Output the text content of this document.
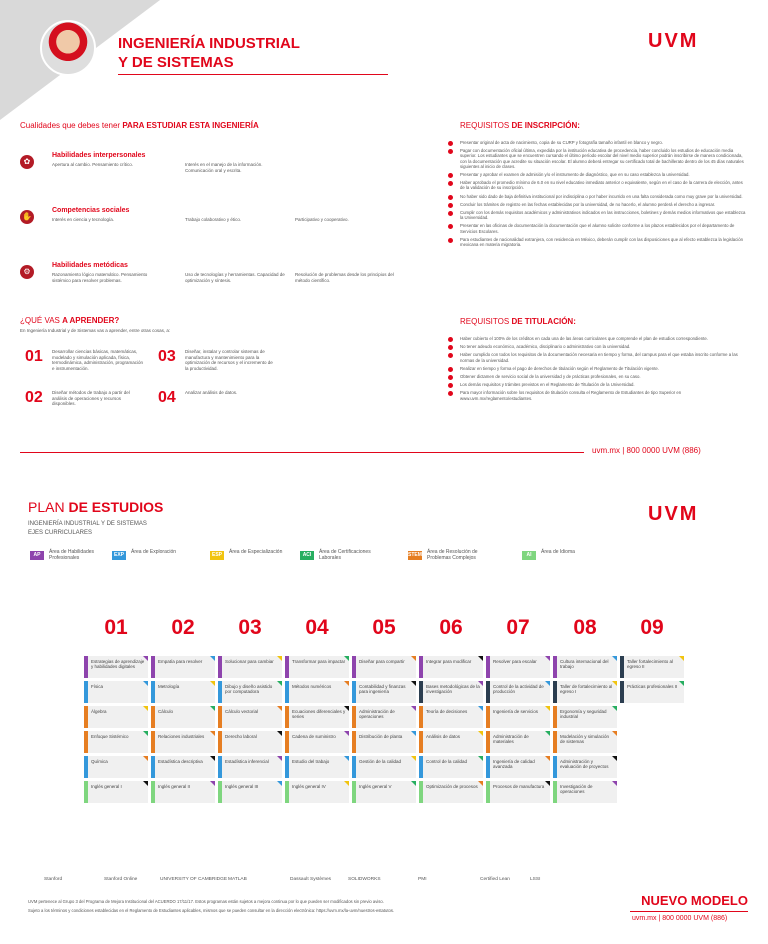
INGENIERÍA INDUSTRIAL
Y DE SISTEMAS
UVM
Cualidades que debes tener PARA ESTUDIAR ESTA INGENIERÍA
✿
Habilidades interpersonales
Apertura al cambio. Pensamiento crítico.	Interés en el manejo de la información. Comunicación oral y escrita.
✋
Competencias sociales
Interés en ciencia y tecnología.	Trabajo colaborativo y ético.	Participativo y cooperativo.
⚙
Habilidades metódicas
Razonamiento lógico matemático. Pensamiento sistémico para resolver problemas.
Uso de tecnologías y herramientas. Capacidad de optimización y síntesis.
Resolución de problemas desde los principios del método científico.
¿QUÉ VAS A APRENDER?
En Ingeniería Industrial y de Sistemas vas a aprender, entre otras cosas, a:
01 Desarrollar ciencias básicas, matemáticas, modelado y simulación aplicada, física, termodinámica, administración, programación e instrumentación.
03 Diseñar, instalar y controlar sistemas de manufactura y mantenimiento para la optimización de recursos y el incremento de la productividad.
02 Diseñar métodos de trabajo a partir del análisis de operaciones y recursos disponibles.	04 Analizar análisis de datos.
REQUISITOS DE INSCRIPCIÓN:
Presentar original de acta de nacimiento, copia de su CURP y fotografía tamaño infantil en blanco y negro.
Pagar con documentación oficial última, expedida por la institución educativa de procedencia, haber concluido los estudios de educación media superior. Los estudiantes que se encuentren cursando el último período escolar del nivel medio superior podrán inscribirse de manera condicionada, con la documentación que acredite su situación escolar. El alumno deberá entregar su certificado total de bachillerato dentro de los 45 días naturales siguientes al inicio de clases.
Presentar y aprobar el examen de admisión y/o el instrumento de diagnóstico, que en su caso establezca la universidad.
Haber aprobado el promedio mínimo de 6.0 en su nivel educativo inmediato anterior o equivalente, según en el caso de la carrera de elección, antes de la validación de su inscripción.
No haber sido dado de baja definitiva institucional por indisciplina o por haber incurrido en una falta considerada como muy grave por la universidad.
Concluir los trámites de registro en las fechas establecidas por la universidad, de no hacerlo, el alumno perderá el derecho a ingresar.
Cumplir con los demás requisitos académicos y administrativos indicados en las instrucciones, boletines y demás medios informativos que establezca la Universidad.
Presentar en las oficinas de documentación la documentación que el alumno solicite conforme a los plazos establecidos por el departamento de Servicios Escolares.
Para estudiantes de nacionalidad extranjera, con residencia en México, deberán cumplir con las disposiciones que al efecto establezca la legislación mexicana en materia migratoria.
REQUISITOS DE TITULACIÓN:
Haber cubierto el 100% de los créditos en cada una de las áreas curriculares que comprende el plan de estudios correspondiente.
No tener adeudo económico, académico, disciplinario o administrativo con la universidad.
Haber cumplido con todos los requisitos de la documentación necesaria en tiempo y forma, del campus para el que estaba inscrito conforme a las normas de la universidad.
Realizar en tiempo y forma el pago de derechos de titulación según el Reglamento de Titulación vigente.
Obtener dictamen de servicio social de la universidad y de prácticas profesionales, en su caso.
Los demás requisitos y trámites previstos en el Reglamento de Titulación de la Universidad.
Para mayor información sobre los requisitos de titulación consulta el Reglamento de Estudiantes de tipo Superior en www.uvm.mx/reglamento/estudiantes.
uvm.mx | 800 0000 UVM (886)
PLAN DE ESTUDIOS
INGENIERÍA INDUSTRIAL Y DE SISTEMAS
EJES CURRICULARES
UVM
AP	Área de Habilidades Profesionales	EXP	Área de Exploración	ESP	Área de Especialización	ACI	Área de Certificaciones Laborales	STEM Área de Resolución de Problemas Complejos	AI	Área de Idioma
01
Estrategias de aprendizaje y habilidades digitales
Física
Álgebra
Enfoque Sistémico
Química
Inglés general I
02
Empatía para resolver
Metrología
Cálculo
Relaciones industriales
Estadística descriptiva
Inglés general II
03
Solucionar para cambiar
Dibujo y diseño asistido por computadora
Cálculo vectorial
Derecho laboral
Estadística inferencial
Inglés general III
04
Transformar para impactar
Métodos numéricos
Ecuaciones diferenciales y series
Cadena de suministro
Estudio del trabajo
Inglés general IV
05
Diseñar para compartir
Contabilidad y finanzas para ingeniería
Administración de operaciones
Distribución de planta
Gestión de la calidad
Inglés general V
06
Integrar para modificar
Bases metodológicas de la investigación
Teoría de decisiones
Análisis de datos
Control de la calidad
Optimización de procesos
07
Resolver para escalar
Control de la actividad de producción
Ingeniería de servicios
Administración de materiales
Ingeniería de calidad avanzada
Procesos de manufactura
08
Cultura internacional del trabajo
Taller de fortalecimiento al egreso I
Ergonomía y seguridad industrial
Modelación y simulación de sistemas
Administración y evaluación de proyectos
Investigación de operaciones
09
Taller fortalecimiento al egreso II
Prácticas profesionales II
Stanford	Stanford Online	UNIVERSITY OF CAMBRIDGE MATLAB	Dassault Systèmes	SOLIDWORKS	PMI	Certified Lean	LSSI
UVM pertenece al Grupo 3 del Programa de Mejora Institucional del ACUERDO 17/11/17. Estos programas están sujetos a mejora continua por lo que pueden ser modificados sin previo aviso.
Sujeto a los términos y condiciones establecidas en el Reglamento de Estudiantes aplicables, mismos que se pueden consultar en la dirección electrónica: https://uvm.mx/la-uvm/nuestros-estatutos.
NUEVO MODELO
uvm.mx | 800 0000 UVM (886)
